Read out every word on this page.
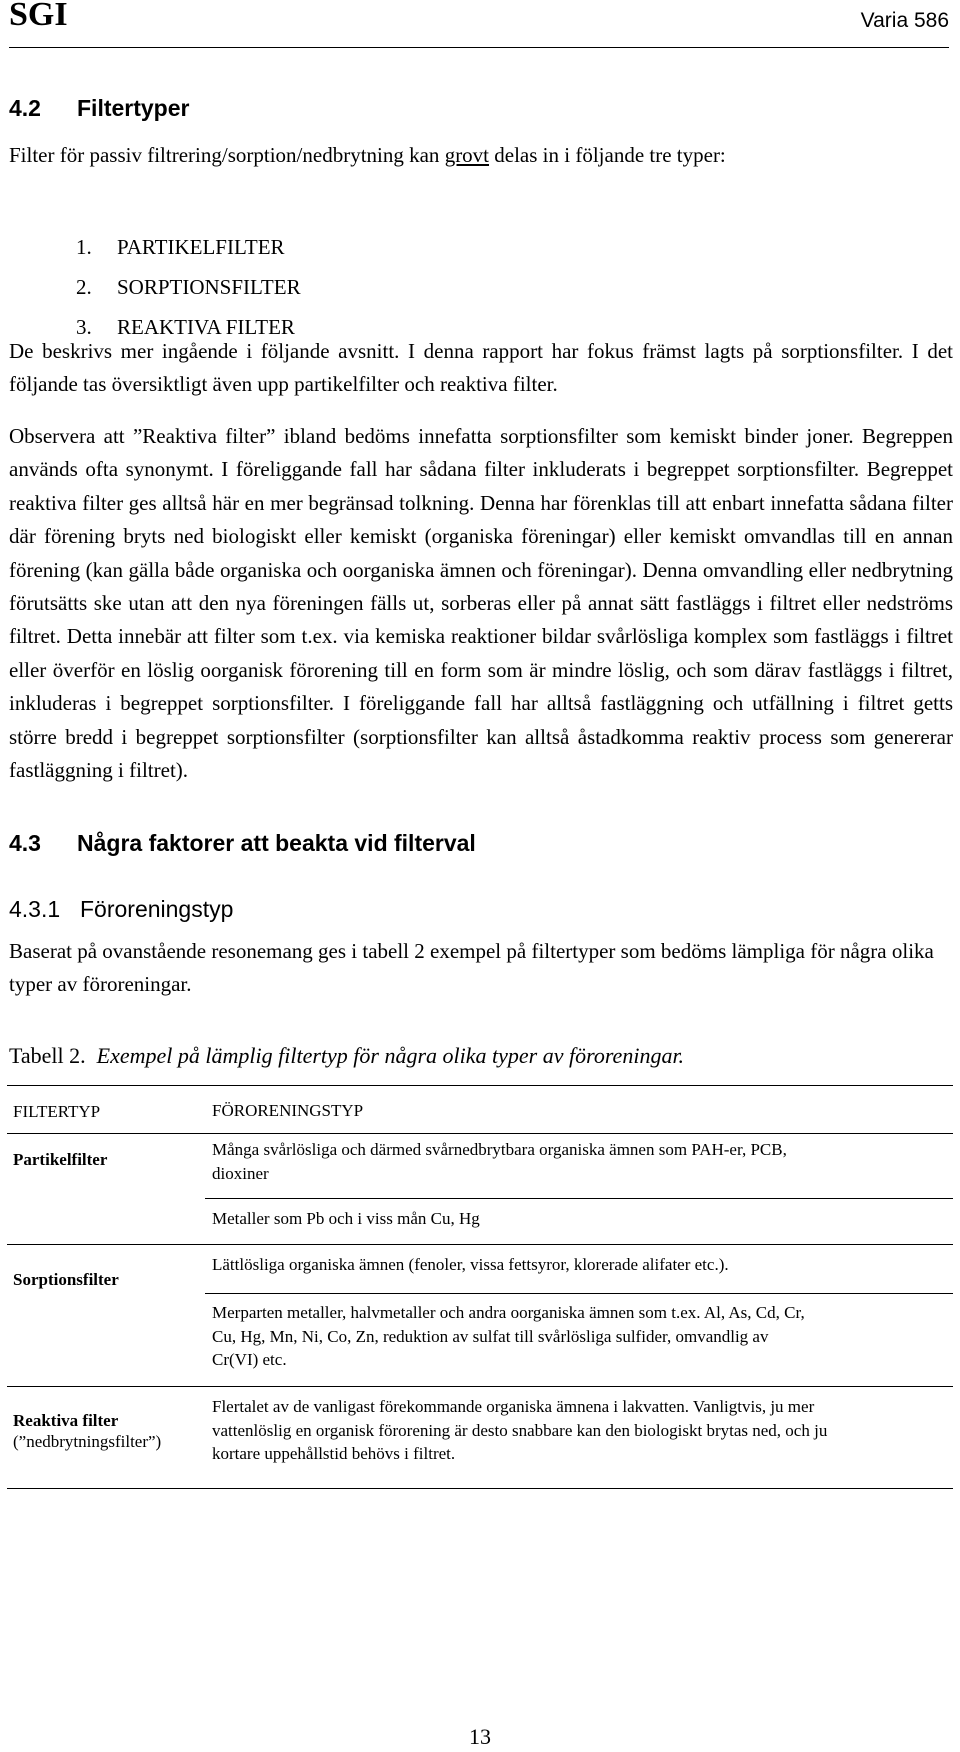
SGI	Varia 586
4.2 Filtertyper
Filter för passiv filtrering/sorption/nedbrytning kan grovt delas in i följande tre typer:
1. PARTIKELFILTER
2. SORPTIONSFILTER
3. REAKTIVA FILTER
De beskrivs mer ingående i följande avsnitt. I denna rapport har fokus främst lagts på sorptionsfilter. I det följande tas översiktligt även upp partikelfilter och reaktiva filter.
Observera att ”Reaktiva filter” ibland bedöms innefatta sorptionsfilter som kemiskt binder joner. Begreppen används ofta synonymt. I föreliggande fall har sådana filter inkluderats i begreppet sorptionsfilter. Begreppet reaktiva filter ges alltså här en mer begränsad tolkning. Denna har förenklas till att enbart innefatta sådana filter där förening bryts ned biologiskt eller kemiskt (organiska föreningar) eller kemiskt omvandlas till en annan förening (kan gälla både organiska och oorganiska ämnen och föreningar). Denna omvandling eller nedbrytning förutsätts ske utan att den nya föreningen fälls ut, sorberas eller på annat sätt fastläggs i filtret eller nedströms filtret. Detta innebär att filter som t.ex. via kemiska reaktioner bildar svårlösliga komplex som fastläggs i filtret eller överför en löslig oorganisk förorening till en form som är mindre löslig, och som därav fastläggs i filtret, inkluderas i begreppet sorptionsfilter. I föreliggande fall har alltså fastläggning och utfällning i filtret getts större bredd i begreppet sorptionsfilter (sorptionsfilter kan alltså åstadkomma reaktiv process som genererar fastläggning i filtret).
4.3 Några faktorer att beakta vid filterval
4.3.1 Föroreningstyp
Baserat på ovanstående resonemang ges i tabell 2 exempel på filtertyper som bedöms lämpliga för några olika typer av föroreningar.
Tabell 2. Exempel på lämplig filtertyp för några olika typer av föroreningar.
FILTERTYP	FÖRORENINGSTYP
Partikelfilter
Många svårlösliga och därmed svårnedbrytbara organiska ämnen som PAH-er, PCB, dioxiner
Metaller som Pb och i viss mån Cu, Hg
Sorptionsfilter
Lättlösliga organiska ämnen (fenoler, vissa fettsyror, klorerade alifater etc.).
Merparten metaller, halvmetaller och andra oorganiska ämnen som t.ex. Al, As, Cd, Cr, Cu, Hg, Mn, Ni, Co, Zn, reduktion av sulfat till svårlösliga sulfider, omvandlig av Cr(VI) etc.
Reaktiva filter
(”nedbrytningsfilter”)
Flertalet av de vanligast förekommande organiska ämnena i lakvatten. Vanligtvis, ju mer vattenlöslig en organisk förorening är desto snabbare kan den biologiskt brytas ned, och ju kortare uppehållstid behövs i filtret.
13
